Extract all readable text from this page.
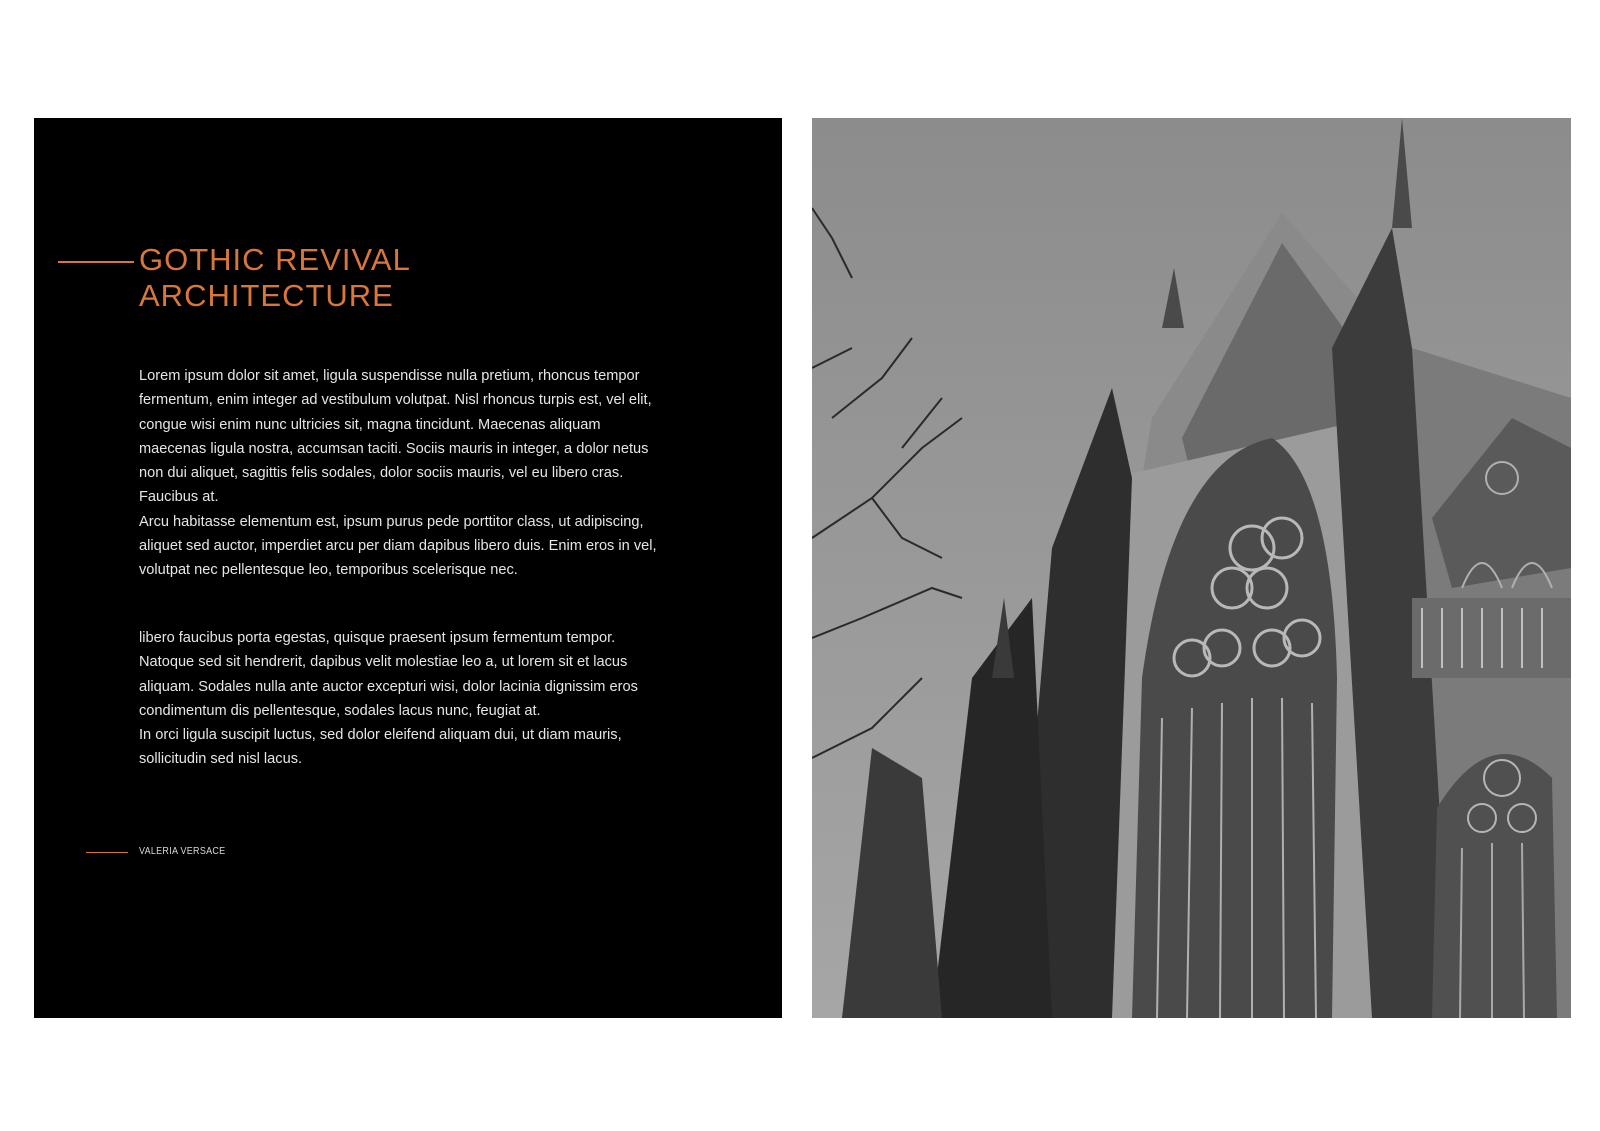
GOTHIC REVIVAL
ARCHITECTURE

Lorem ipsum dolor sit amet, ligula suspendisse nulla pretium, rhoncus tempor fermentum, enim integer ad vestibulum volutpat. Nisl rhoncus turpis est, vel elit, congue wisi enim nunc ultricies sit, magna tincidunt. Maecenas aliquam maecenas ligula nostra, accumsan taciti. Sociis mauris in integer, a dolor netus non dui aliquet, sagittis felis sodales, dolor sociis mauris, vel eu libero cras. Faucibus at.

Arcu habitasse elementum est, ipsum purus pede porttitor class, ut adipiscing, aliquet sed auctor, imperdiet arcu per diam dapibus libero duis. Enim eros in vel, volutpat nec pellentesque leo, temporibus scelerisque nec.

libero faucibus porta egestas, quisque praesent ipsum fermentum tempor. Natoque sed sit hendrerit, dapibus velit molestiae leo a, ut lorem sit et lacus aliquam. Sodales nulla ante auctor excepturi wisi, dolor lacinia dignissim eros condimentum dis pellentesque, sodales lacus nunc, feugiat at.

In orci ligula suscipit luctus, sed dolor eleifend aliquam dui, ut diam mauris, sollicitudin sed nisl lacus.

VALERIA VERSACE
